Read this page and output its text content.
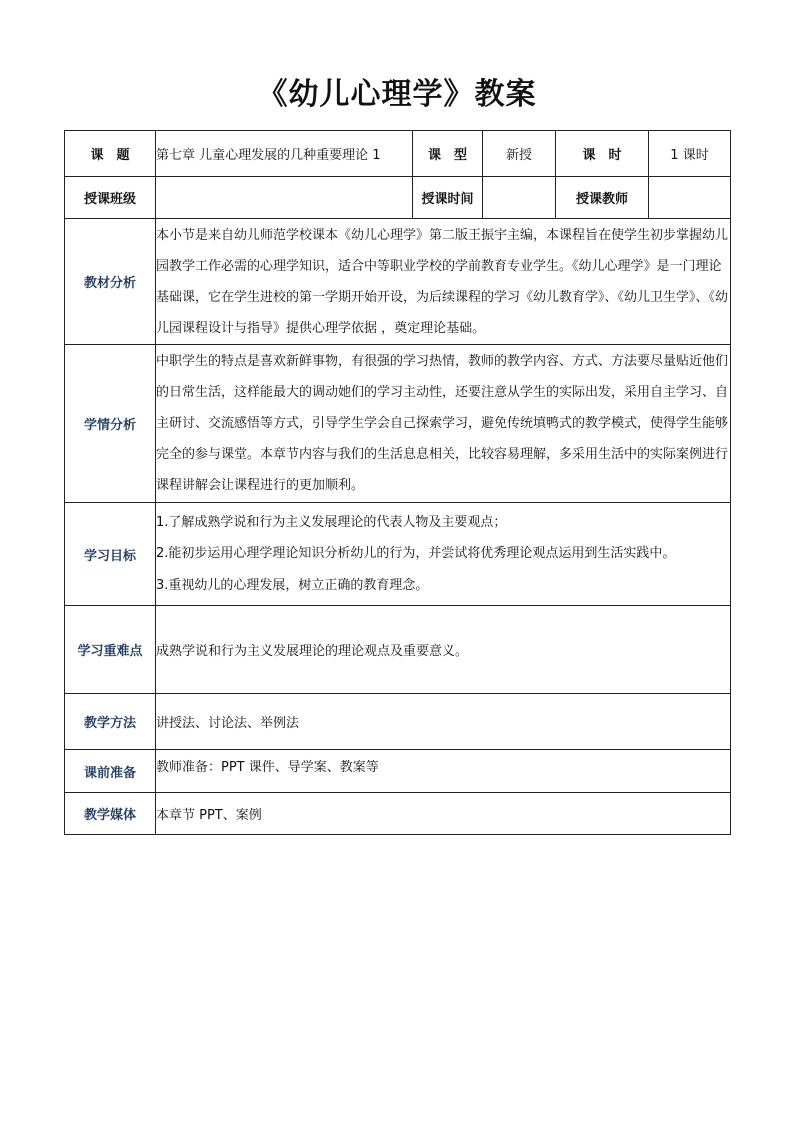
《幼儿心理学》教案
课　题	第七章 儿童心理发展的几种重要理论 1	课　型	新授	课　时	1 课时
授课班级		授课时间		授课教师	
教材分析	本小节是来自幼儿师范学校课本《幼儿心理学》第二版王振宇主编，本课程旨在使学生初步掌握幼儿园教学工作必需的心理学知识，适合中等职业学校的学前教育专业学生。《幼儿心理学》是一门理论基础课，它在学生进校的第一学期开始开设，为后续课程的学习《幼儿教育学》、《幼儿卫生学》、《幼儿园课程设计与指导》提供心理学依据 ，奠定理论基础。				
学情分析	中职学生的特点是喜欢新鲜事物，有很强的学习热情，教师的教学内容、方式、方法要尽量贴近他们的日常生活，这样能最大的调动她们的学习主动性，还要注意从学生的实际出发，采用自主学习、自主研讨、交流感悟等方式，引导学生学会自己探索学习，避免传统填鸭式的教学模式，使得学生能够完全的参与课堂。本章节内容与我们的生活息息相关，比较容易理解，多采用生活中的实际案例进行课程讲解会让课程进行的更加顺利。				
学习目标	1.了解成熟学说和行为主义发展理论的代表人物及主要观点；
2.能初步运用心理学理论知识分析幼儿的行为，并尝试将优秀理论观点运用到生活实践中。
3.重视幼儿的心理发展，树立正确的教育理念。				

学习重难点	成熟学说和行为主义发展理论的理论观点及重要意义。				
教学方法	讲授法、讨论法、举例法				
课前准备	教师准备：PPT 课件、导学案、教案等				
教学媒体	本章节 PPT、案例				
